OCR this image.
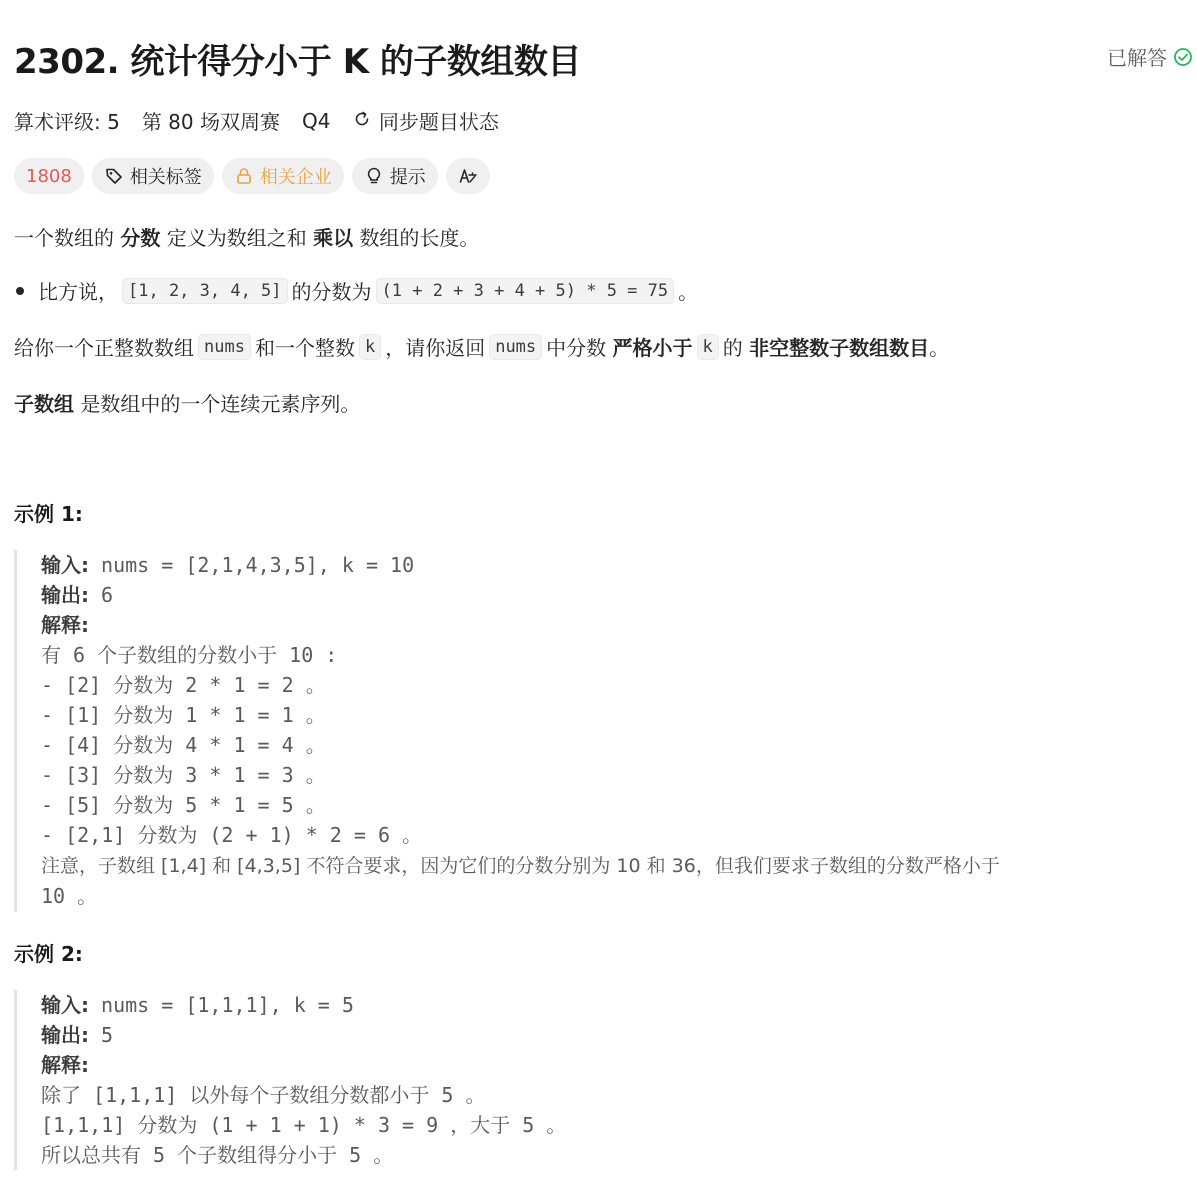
2302. 统计得分小于 K 的子数组数目	已解答
算术评级: 5 第 80 场双周赛 Q4	同步题目状态
1808	相关标签	相关企业	提示
一个数组的
分数
定义为数组之和
乘以
数组的长度。
比方说， [1, 2, 3, 4, 5] 的分数为 (1 + 2 + 3 + 4 + 5) * 5 = 75 。
给你一个正整数数组 nums 和一个整数 k ，请你返回 nums 中分数
严格小于 k 的
非空整数子数组数目 。
子数组
是数组中的一个连续元素序列。
示例 1:
输入: nums = [2,1,4,3,5], k = 10
输出: 6
解释:
有 6 个子数组的分数小于 10 :
- [2] 分数为 2 * 1 = 2 。
- [1] 分数为 1 * 1 = 1 。
- [4] 分数为 4 * 1 = 4 。
- [3] 分数为 3 * 1 = 3 。
- [5] 分数为 5 * 1 = 5 。
- [2,1] 分数为 (2 + 1) * 2 = 6 。
注意，子数组 [1,4] 和 [4,3,5] 不符合要求，因为它们的分数分别为 10 和 36，但我们要求子数组的分数严格小于
10 。
示例 2:
输入: nums = [1,1,1], k = 5
输出: 5
解释:
除了 [1,1,1] 以外每个子数组分数都小于 5 。
[1,1,1] 分数为 (1 + 1 + 1) * 3 = 9 ，大于 5 。
所以总共有 5 个子数组得分小于 5 。
